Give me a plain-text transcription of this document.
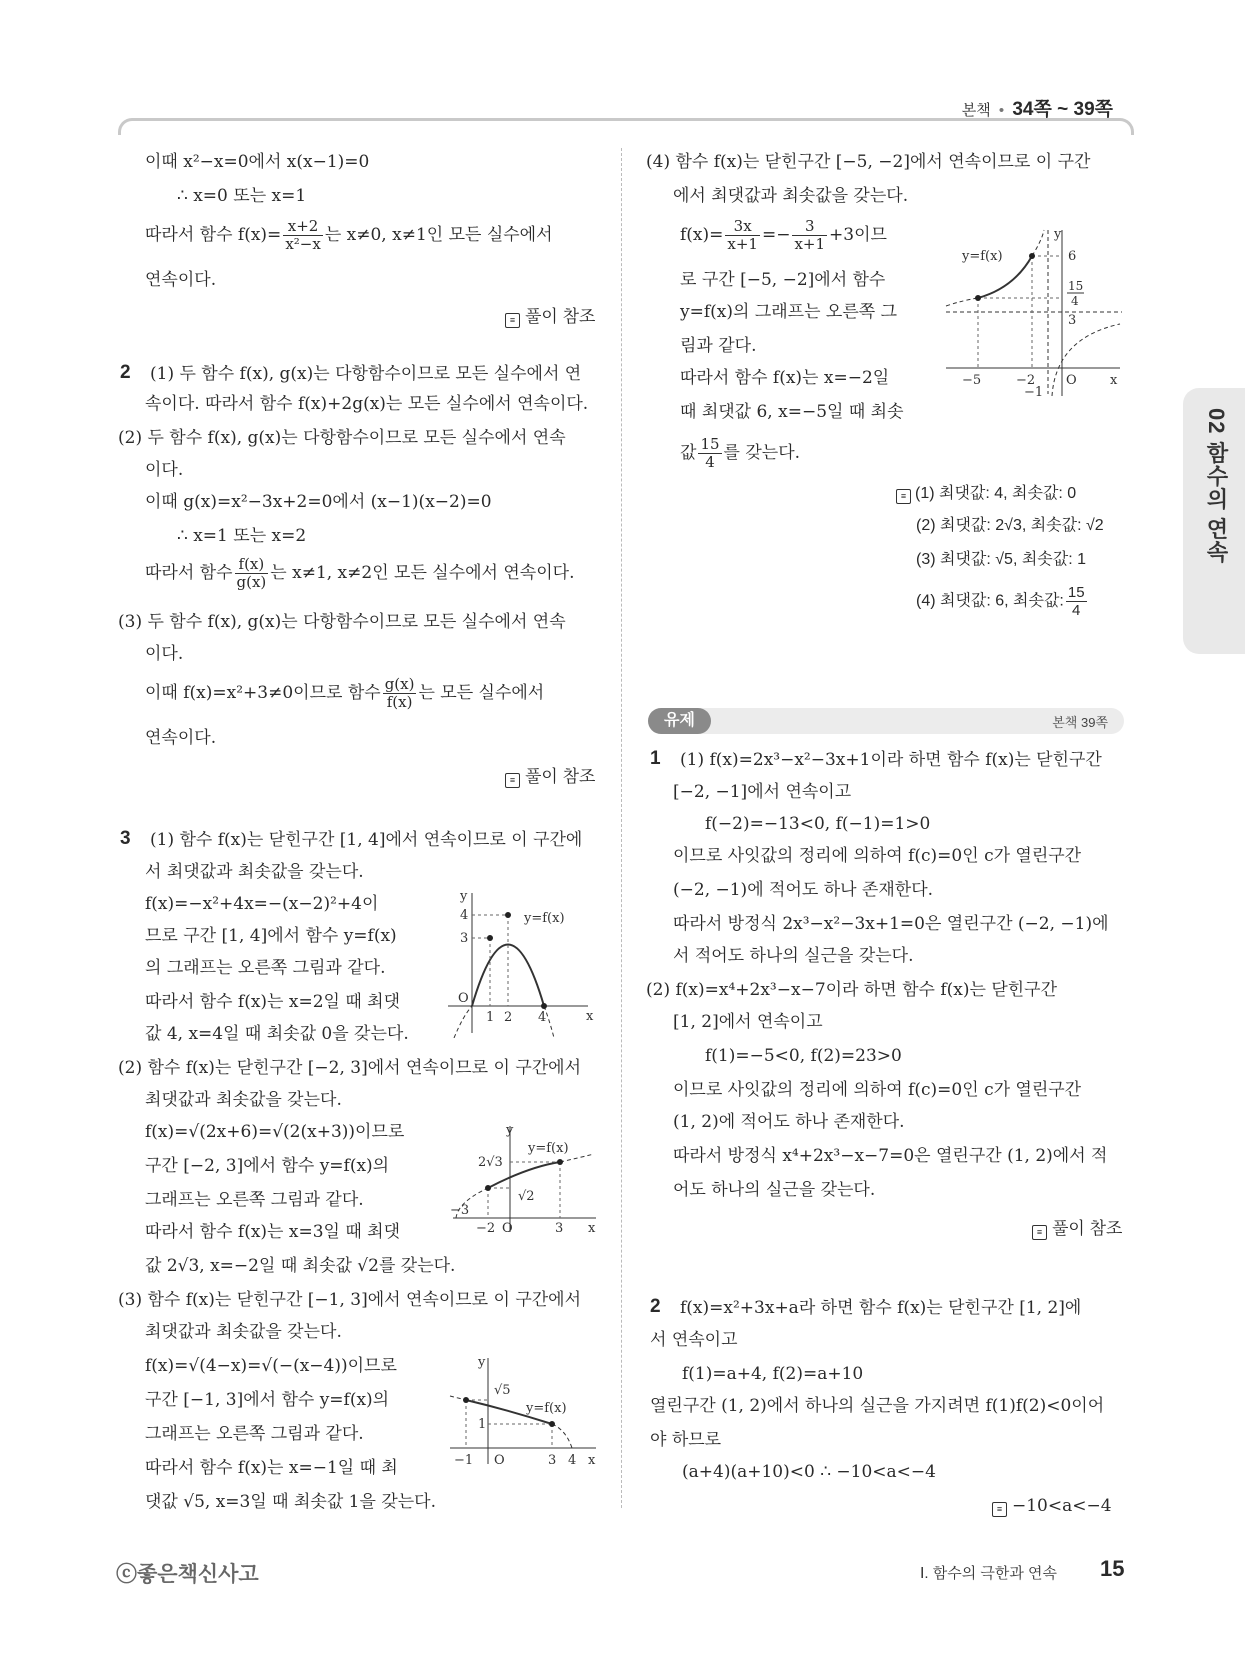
본책 • 34쪽 ~ 39쪽
02 함수의 연속
이때 x²−x=0에서 x(x−1)=0
∴ x=0 또는 x=1
따라서 함수 $f(x)= \frac{x+2}{\text{x²−x}}$ 는 x≠0, x≠1인 모든 실수에서
연속이다.
≡ 풀이 참조
2 (1) 두 함수 f(x), g(x)는 다항함수이므로 모든 실수에서 연
속이다. 따라서 함수 f(x)+2g(x)는 모든 실수에서 연속이다.
(2) 두 함수 f(x), g(x)는 다항함수이므로 모든 실수에서 연속
이다.
이때 g(x)=x²−3x+2=0에서 (x−1)(x−2)=0
∴ x=1 또는 x=2
따라서 함수 $\frac{f(x)}{g(x)}$ 는 x≠1, x≠2인 모든 실수에서 연속이다.
(3) 두 함수 f(x), g(x)는 다항함수이므로 모든 실수에서 연속
이다.
이때 f(x)=x²+3≠0이므로 함수 $\frac{g(x)}{f(x)}$ 는 모든 실수에서
연속이다.
≡ 풀이 참조
3 (1) 함수 f(x)는 닫힌구간 [1, 4]에서 연속이므로 이 구간에
서 최댓값과 최솟값을 갖는다.
f(x)=−x²+4x=−(x−2)²+4이
므로 구간 [1, 4]에서 함수 y=f(x)
의 그래프는 오른쪽 그림과 같다.
따라서 함수 f(x)는 x=2일 때 최댓
값 4, x=4일 때 최솟값 0을 갖는다.
(2) 함수 f(x)는 닫힌구간 [−2, 3]에서 연속이므로 이 구간에서
최댓값과 최솟값을 갖는다.
f(x)=√(2x+6)=√(2(x+3))이므로
구간 [−2, 3]에서 함수 y=f(x)의
그래프는 오른쪽 그림과 같다.
따라서 함수 f(x)는 x=3일 때 최댓
값 2√3, x=−2일 때 최솟값 √2를 갖는다.
(3) 함수 f(x)는 닫힌구간 [−1, 3]에서 연속이므로 이 구간에서
최댓값과 최솟값을 갖는다.
f(x)=√(4−x)=√(−(x−4))이므로
구간 [−1, 3]에서 함수 y=f(x)의
그래프는 오른쪽 그림과 같다.
따라서 함수 f(x)는 x=−1일 때 최
댓값 √5, x=3일 때 최솟값 1을 갖는다.
y
x
O
y=f(x)
4
3
1 2 4
y
x
O
y=f(x)
2√3
√2
−3
−2	3
y
x
O
y=f(x)
√5
1
−1	3 4
(4) 함수 f(x)는 닫힌구간 [−5, −2]에서 연속이므로 이 구간
에서 최댓값과 최솟값을 갖는다.
$f(x)= \frac{3x}{x+1} =- \frac{3}{x+1} +3$이므
로 구간 [−5, −2]에서 함수
y=f(x)의 그래프는 오른쪽 그
림과 같다.
따라서 함수 f(x)는 x=−2일
때 최댓값 6, x=−5일 때 최솟
값 $\frac{15}{4}$ 를 갖는다.
y
x
O
y=f(x)	6
15
4
3
−5	−2
−1
≡ (1) 최댓값: 4, 최솟값: 0
(2) 최댓값: 2√3, 최솟값: √2
(3) 최댓값: √5, 최솟값: 1
(4) 최댓값: 6, 최솟값: $\frac{15}{4}$
유제	본책 39쪽
1 (1) f(x)=2x³−x²−3x+1이라 하면 함수 f(x)는 닫힌구간
[−2, −1]에서 연속이고
f(−2)=−13<0, f(−1)=1>0
이므로 사잇값의 정리에 의하여 f(c)=0인 c가 열린구간
(−2, −1)에 적어도 하나 존재한다.
따라서 방정식 2x³−x²−3x+1=0은 열린구간 (−2, −1)에
서 적어도 하나의 실근을 갖는다.
(2) f(x)=x⁴+2x³−x−7이라 하면 함수 f(x)는 닫힌구간
[1, 2]에서 연속이고
f(1)=−5<0, f(2)=23>0
이므로 사잇값의 정리에 의하여 f(c)=0인 c가 열린구간
(1, 2)에 적어도 하나 존재한다.
따라서 방정식 x⁴+2x³−x−7=0은 열린구간 (1, 2)에서 적
어도 하나의 실근을 갖는다.
≡ 풀이 참조
2 f(x)=x²+3x+a라 하면 함수 f(x)는 닫힌구간 [1, 2]에
서 연속이고
f(1)=a+4, f(2)=a+10
열린구간 (1, 2)에서 하나의 실근을 가지려면 f(1)f(2)<0이어
야 하므로
(a+4)(a+10)<0 ∴ −10<a<−4
≡ −10<a<−4
ⓒ좋은책신사고	Ⅰ. 함수의 극한과 연속 15
